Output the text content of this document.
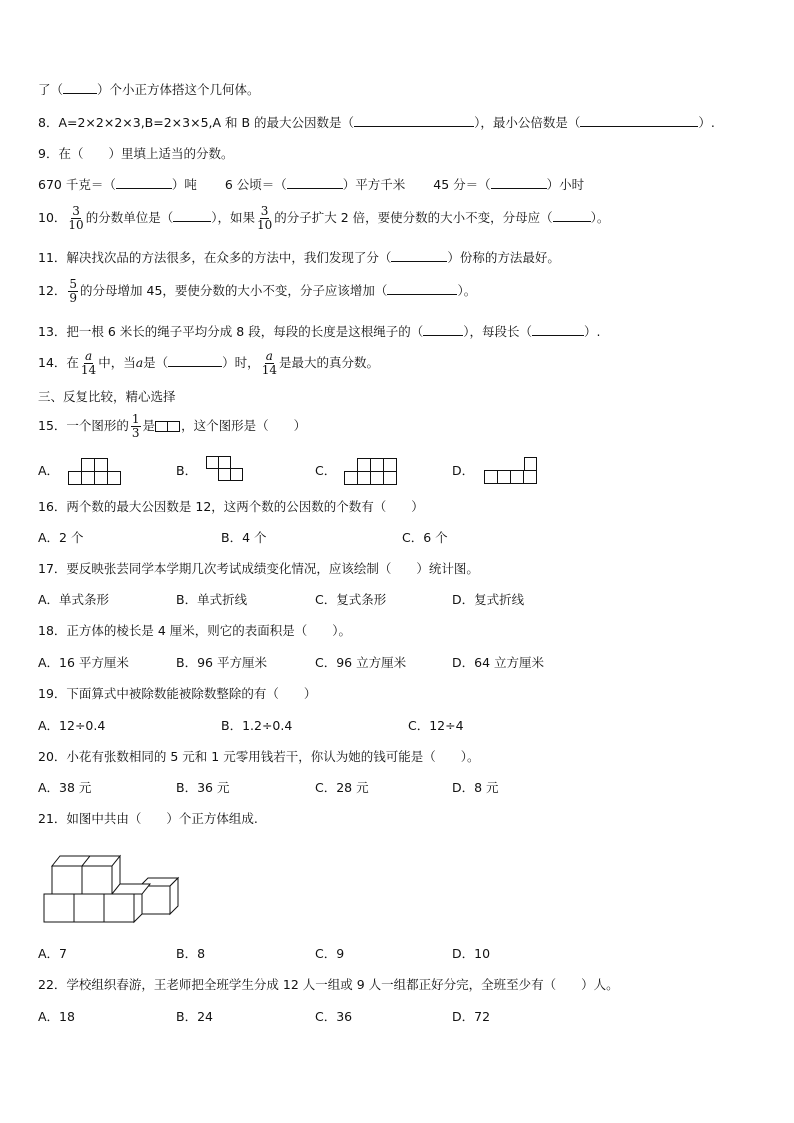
了（	）个小正方体搭这个几何体。
8．A=2×2×2×3,B=2×3×5,A 和 B 的最大公因数是（	），最小公倍数是（	）.
9．在（　　）里填上适当的分数。
670 千克＝（	）吨 6 公顷＝（	）平方千米 45 分＝（	）小时
10． $\frac{3}{10}$ 的分数单位是（	），如果 $\frac{3}{10}$ 的分子扩大 2 倍，要使分数的大小不变，分母应（	）。
11．解决找次品的方法很多，在众多的方法中，我们发现了分（	）份称的方法最好。
12． $\frac{5}{9}$ 的分母增加 45，要使分数的大小不变，分子应该增加（	）。
13．把一根 6 米长的绳子平均分成 8 段，每段的长度是这根绳子的（	），每段长（	）.
14．在 $\frac{a}{14}$ 中，当a是（	）时， $\frac{a}{14}$ 是最大的真分数。
三、反复比较，精心选择
15．一个图形的 $\frac{1}{3}$ 是 ，这个图形是（　　）
A．	B．	C．	D．
16．两个数的最大公因数是 12，这两个数的公因数的个数有（　　）
A．2 个	B．4 个	C．6 个
17．要反映张芸同学本学期几次考试成绩变化情况，应该绘制（　　）统计图。
A．单式条形	B．单式折线	C．复式条形	D．复式折线
18．正方体的棱长是 4 厘米，则它的表面积是（　　）。
A．16 平方厘米	B．96 平方厘米	C．96 立方厘米	D．64 立方厘米
19．下面算式中被除数能被除数整除的有（　　）
A．12÷0.4	B．1.2÷0.4	C．12÷4
20．小花有张数相同的 5 元和 1 元零用钱若干，你认为她的钱可能是（　　）。
A．38 元	B．36 元	C．28 元	D．8 元
21．如图中共由（　　）个正方体组成.
A．7	B．8	C．9	D．10
22．学校组织春游，王老师把全班学生分成 12 人一组或 9 人一组都正好分完，全班至少有（　　）人。
A．18	B．24	C．36	D．72
